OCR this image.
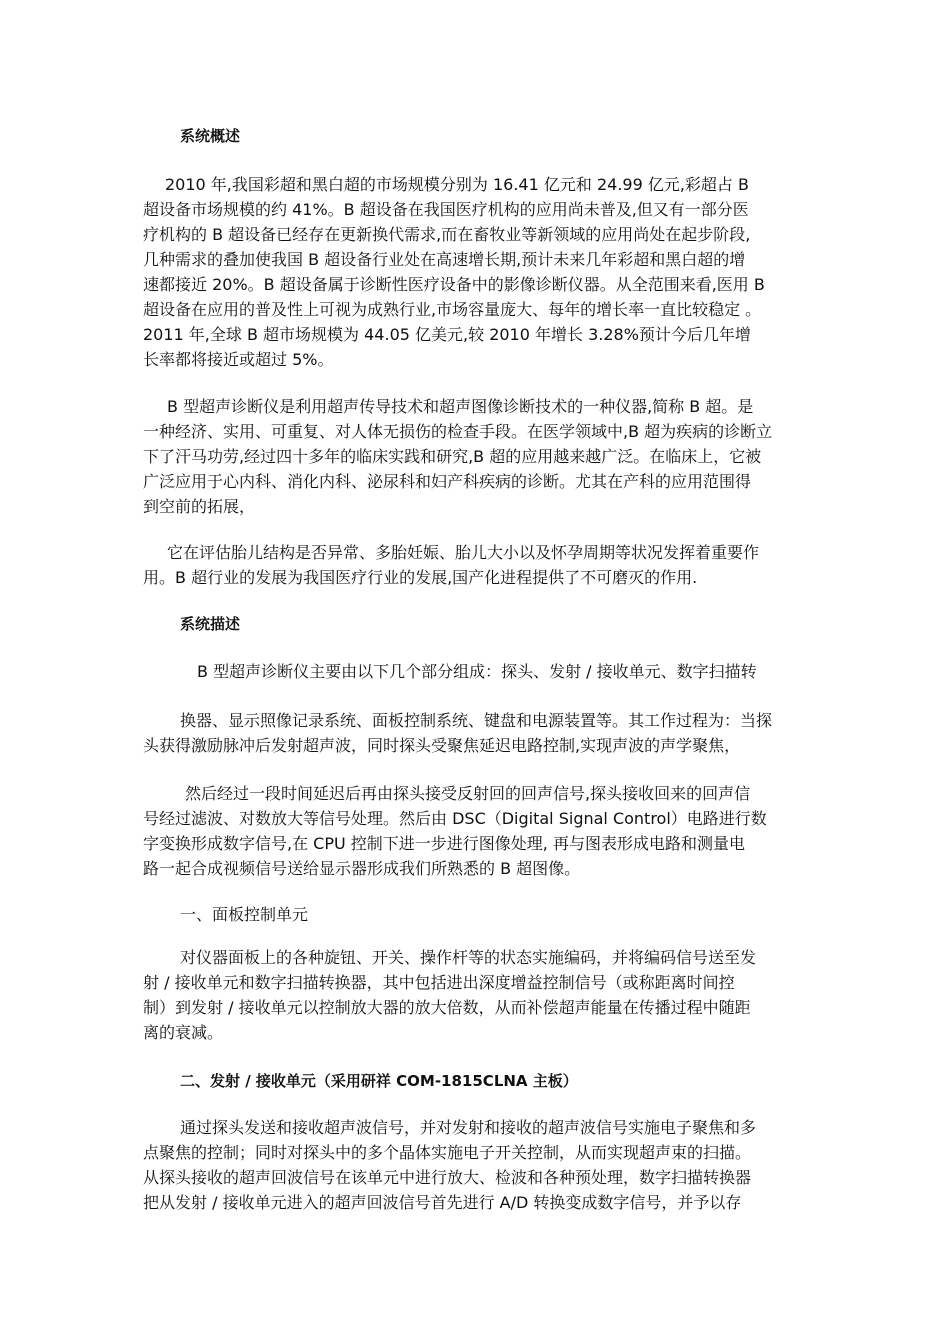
系统概述
2010 年,我国彩超和黑白超的市场规模分别为 16.41 亿元和 24.99 亿元,彩超占 B
超设备市场规模的约 41%。B 超设备在我国医疗机构的应用尚未普及,但又有一部分医
疗机构的 B 超设备已经存在更新换代需求,而在畜牧业等新领域的应用尚处在起步阶段,
几种需求的叠加使我国 B 超设备行业处在高速增长期,预计未来几年彩超和黑白超的增
速都接近 20%。B 超设备属于诊断性医疗设备中的影像诊断仪器。从全范围来看,医用 B
超设备在应用的普及性上可视为成熟行业,市场容量庞大、每年的增长率一直比较稳定 。
2011 年,全球 B 超市场规模为 44.05 亿美元,较 2010 年增长 3.28%预计今后几年增
长率都将接近或超过 5%。
B 型超声诊断仪是利用超声传导技术和超声图像诊断技术的一种仪器,简称 B 超。是
一种经济、实用、可重复、对人体无损伤的检查手段。在医学领域中,B 超为疾病的诊断立
下了汗马功劳,经过四十多年的临床实践和研究,B 超的应用越来越广泛。在临床上，它被
广泛应用于心内科、消化内科、泌尿科和妇产科疾病的诊断。尤其在产科的应用范围得
到空前的拓展，
它在评估胎儿结构是否异常、多胎妊娠、胎儿大小以及怀孕周期等状况发挥着重要作
用。B 超行业的发展为我国医疗行业的发展,国产化进程提供了不可磨灭的作用.
系统描述
B 型超声诊断仪主要由以下几个部分组成：探头、发射 / 接收单元、数字扫描转
换器、显示照像记录系统、面板控制系统、键盘和电源装置等。其工作过程为：当探
头获得激励脉冲后发射超声波，同时探头受聚焦延迟电路控制,实现声波的声学聚焦，
然后经过一段时间延迟后再由探头接受反射回的回声信号,探头接收回来的回声信
号经过滤波、对数放大等信号处理。然后由 DSC（Digital Signal Control）电路进行数
字变换形成数字信号,在 CPU 控制下进一步进行图像处理, 再与图表形成电路和测量电
路一起合成视频信号送给显示器形成我们所熟悉的 B 超图像。
一、面板控制单元
对仪器面板上的各种旋钮、开关、操作杆等的状态实施编码，并将编码信号送至发
射 / 接收单元和数字扫描转换器，其中包括进出深度增益控制信号（或称距离时间控
制）到发射 / 接收单元以控制放大器的放大倍数，从而补偿超声能量在传播过程中随距
离的衰减。
二、发射 / 接收单元（采用研祥 COM-1815CLNA 主板）
通过探头发送和接收超声波信号，并对发射和接收的超声波信号实施电子聚焦和多
点聚焦的控制；同时对探头中的多个晶体实施电子开关控制，从而实现超声束的扫描。
从探头接收的超声回波信号在该单元中进行放大、检波和各种预处理，数字扫描转换器
把从发射 / 接收单元进入的超声回波信号首先进行 A/D 转换变成数字信号，并予以存
